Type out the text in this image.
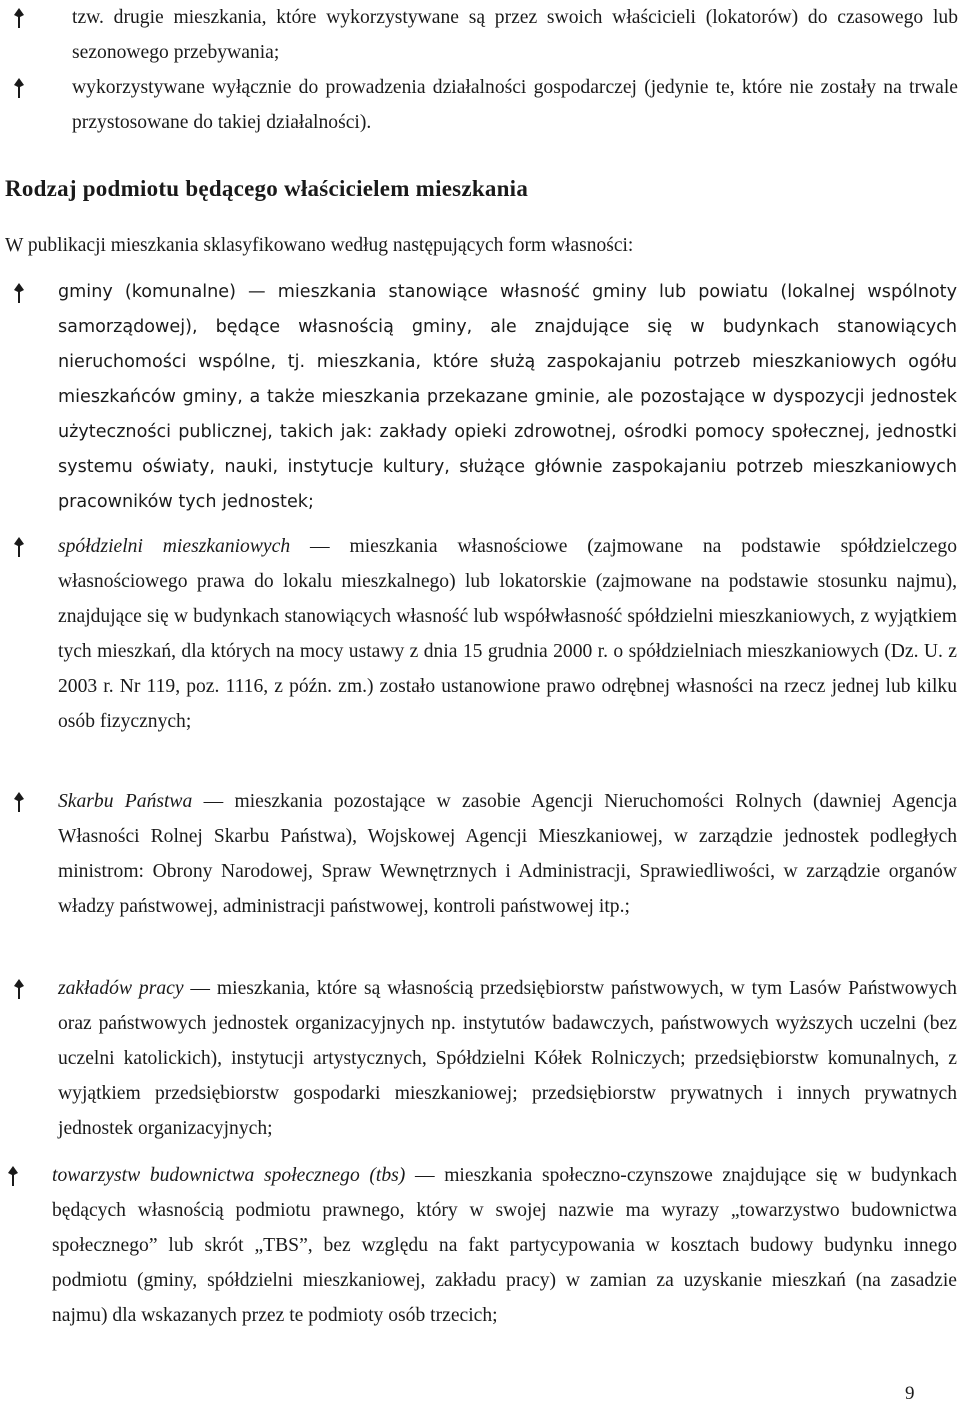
tzw. drugie mieszkania, które wykorzystywane są przez swoich właścicieli (lokatorów) do czasowego lub sezonowego przebywania;

wykorzystywane wyłącznie do prowadzenia działalności gospodarczej (jedynie te, które nie zostały na trwale przystosowane do takiej działalności).

Rodzaj podmiotu będącego właścicielem mieszkania

W publikacji mieszkania sklasyfikowano według następujących form własności:

gminy (komunalne) — mieszkania stanowiące własność gminy lub powiatu (lokalnej wspólnoty samorządowej), będące własnością gminy, ale znajdujące się w budynkach stanowiących nieruchomości wspólne, tj. mieszkania, które służą zaspokajaniu potrzeb mieszkaniowych ogółu mieszkańców gminy, a także mieszkania przekazane gminie, ale pozostające w dyspozycji jednostek użyteczności publicznej, takich jak: zakłady opieki zdrowotnej, ośrodki pomocy społecznej, jednostki systemu oświaty, nauki, instytucje kultury, służące głównie zaspokajaniu potrzeb mieszkaniowych pracowników tych jednostek;

spółdzielni mieszkaniowych — mieszkania własnościowe (zajmowane na podstawie spółdzielczego własnościowego prawa do lokalu mieszkalnego) lub lokatorskie (zajmowane na podstawie stosunku najmu), znajdujące się w budynkach stanowiących własność lub współwłasność spółdzielni mieszkaniowych, z wyjątkiem tych mieszkań, dla których na mocy ustawy z dnia 15 grudnia 2000 r. o spółdzielniach mieszkaniowych (Dz. U. z 2003 r. Nr 119, poz. 1116, z późn. zm.) zostało ustanowione prawo odrębnej własności na rzecz jednej lub kilku osób fizycznych;

Skarbu Państwa — mieszkania pozostające w zasobie Agencji Nieruchomości Rolnych (dawniej Agencja Własności Rolnej Skarbu Państwa), Wojskowej Agencji Mieszkaniowej, w zarządzie jednostek podległych ministrom: Obrony Narodowej, Spraw Wewnętrznych i Administracji, Sprawiedliwości, w zarządzie organów władzy państwowej, administracji państwowej, kontroli państwowej itp.;

zakładów pracy — mieszkania, które są własnością przedsiębiorstw państwowych, w tym Lasów Państwowych oraz państwowych jednostek organizacyjnych np. instytutów badawczych, państwowych wyższych uczelni (bez uczelni katolickich), instytucji artystycznych, Spółdzielni Kółek Rolniczych; przedsiębiorstw komunalnych, z wyjątkiem przedsiębiorstw gospodarki mieszkaniowej; przedsiębiorstw prywatnych i innych prywatnych jednostek organizacyjnych;

towarzystw budownictwa społecznego (tbs) — mieszkania społeczno-czynszowe znajdujące się w budynkach będących własnością podmiotu prawnego, który w swojej nazwie ma wyrazy „towarzystwo budownictwa społecznego” lub skrót „TBS”, bez względu na fakt partycypowania w kosztach budowy budynku innego podmiotu (gminy, spółdzielni mieszkaniowej, zakładu pracy) w zamian za uzyskanie mieszkań (na zasadzie najmu) dla wskazanych przez te podmioty osób trzecich;

9
